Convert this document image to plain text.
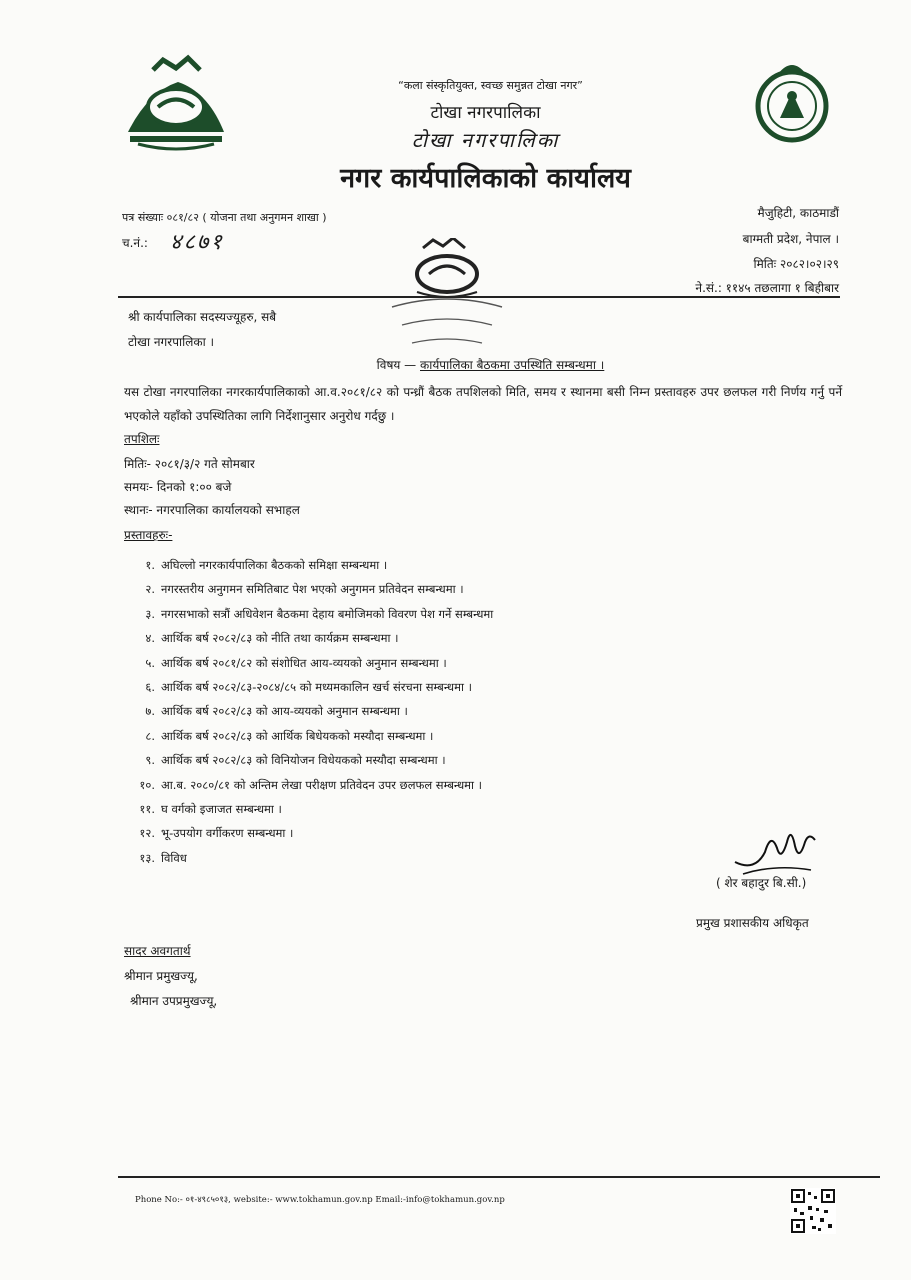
“कला संस्कृतियुक्त, स्वच्छ समुन्नत टोखा नगर”
टोखा नगरपालिका
टोखा नगरपालिका
नगर कार्यपालिकाको कार्यालय
पत्र संख्याः ०८१/८२ ( योजना तथा अनुगमन शाखा )
च.नं.: ४८७१
मैजुहिटी, काठमाडौं
बाग्मती प्रदेश, नेपाल ।
मितिः २०८२।०२।२९
ने.सं.: ११४५ तछलागा १ बिहीबार
श्री कार्यपालिका सदस्यज्यूहरु, सबै
टोखा नगरपालिका ।
विषय — कार्यपालिका बैठकमा उपस्थिति सम्बन्धमा ।
यस टोखा नगरपालिका नगरकार्यपालिकाको आ.व.२०८१/८२ को पन्ध्रौं बैठक तपशिलको मिति, समय र स्थानमा बसी निम्न प्रस्तावहरु उपर छलफल गरी निर्णय गर्नु पर्ने भएकोले यहाँको उपस्थितिका लागि निर्देशानुसार अनुरोध गर्दछु ।
तपशिलः
मितिः- २०८१/३/२ गते सोमबार
समयः- दिनको १:०० बजे
स्थानः- नगरपालिका कार्यालयको सभाहल
प्रस्तावहरुः-
१. अघिल्लो नगरकार्यपालिका बैठकको समिक्षा सम्बन्धमा ।
२. नगरस्तरीय अनुगमन समितिबाट पेश भएको अनुगमन प्रतिवेदन सम्बन्धमा ।
३. नगरसभाको सत्रौं अधिवेशन बैठकमा देहाय बमोजिमको विवरण पेश गर्ने सम्बन्धमा
४. आर्थिक बर्ष २०८२/८३ को नीति तथा कार्यक्रम सम्बन्धमा ।
५. आर्थिक बर्ष २०८१/८२ को संशोधित आय-व्ययको अनुमान सम्बन्धमा ।
६. आर्थिक बर्ष २०८२/८३-२०८४/८५ को मध्यमकालिन खर्च संरचना सम्बन्धमा ।
७. आर्थिक बर्ष २०८२/८३ को आय-व्ययको अनुमान सम्बन्धमा ।
८. आर्थिक बर्ष २०८२/८३ को आर्थिक बिधेयकको मस्यौदा सम्बन्धमा ।
९. आर्थिक बर्ष २०८२/८३ को विनियोजन विधेयकको मस्यौदा सम्बन्धमा ।
१०. आ.ब. २०८०/८१ को अन्तिम लेखा परीक्षण प्रतिवेदन उपर छलफल सम्बन्धमा ।
११. घ वर्गको इजाजत सम्बन्धमा ।
१२. भू-उपयोग वर्गीकरण सम्बन्धमा ।
१३. विविध
( शेर बहादुर बि.सी.)
प्रमुख प्रशासकीय अधिकृत
सादर अवगतार्थ
श्रीमान प्रमुखज्यू,
श्रीमान उपप्रमुखज्यू,
Phone No:- ०१-४९८५०१३, website:- www.tokhamun.gov.np Email:-info@tokhamun.gov.np
